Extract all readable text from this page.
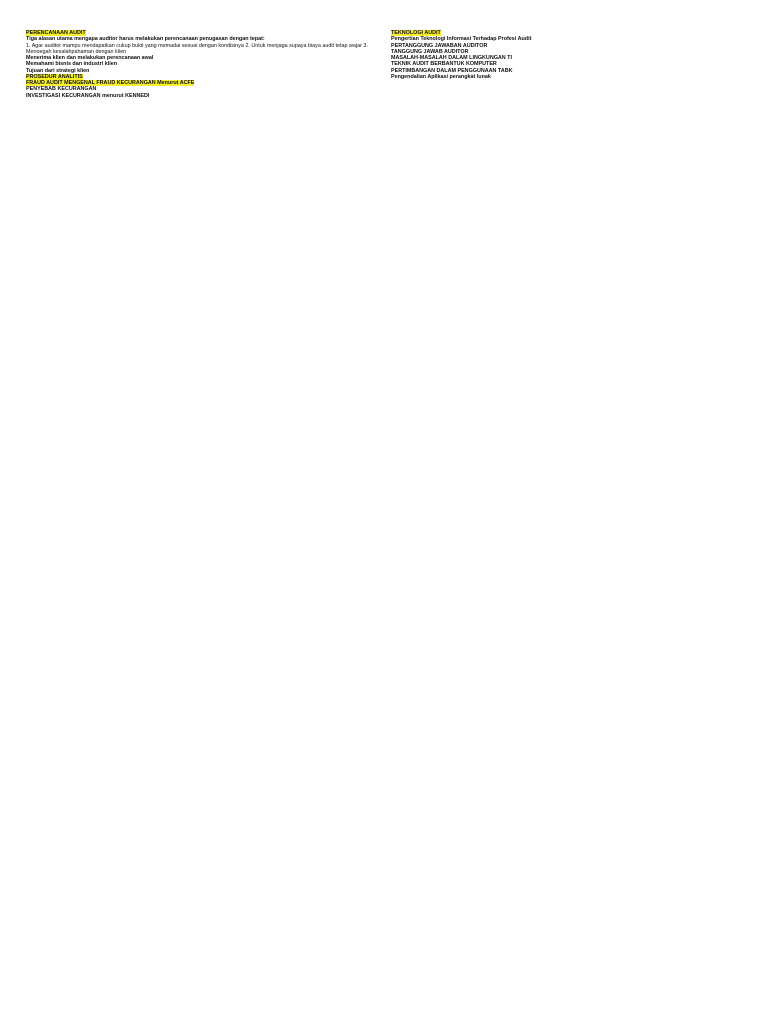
PERENCANAAN AUDIT

Tiga alasan utama mengapa auditor harus melakukan perencanaan penugasan dengan tepat:

1. Agar auditor mampu mendapatkan cukup bukti yang memadai sesuai dengan kondisinya 2. Untuk menjaga supaya biaya audit tetap wajar 3. Menoegah kesalahpahaman dengan klien

Menerima klien dan melakukan perencanaan awal

Memahami bisnis dan industri klien

Tujuan dari strategi klien

PROSEDUR ANALITIS

FRAUD AUDIT MENGENAL FRAUD KECURANGAN Menurut ACFE

PENYEBAB KECURANGAN

INVESTIGASI KECURANGAN menurut KENNEDI

TEKNOLOGI AUDIT

Pengertian Teknologi Informasi Terhadap Profesi Audit

PERTANGGUNG JAWABAN AUDITOR

TANGGUNG JAWAB AUDITOR

MASALAH-MASALAH DALAM LINGKUNGAN TI

TEKNIK AUDIT BERBANTUK KOMPUTER

PERTIMBANGAN DALAM PENGGUNAAN TABK

Pengendalian Aplikasi perangkat lunak
